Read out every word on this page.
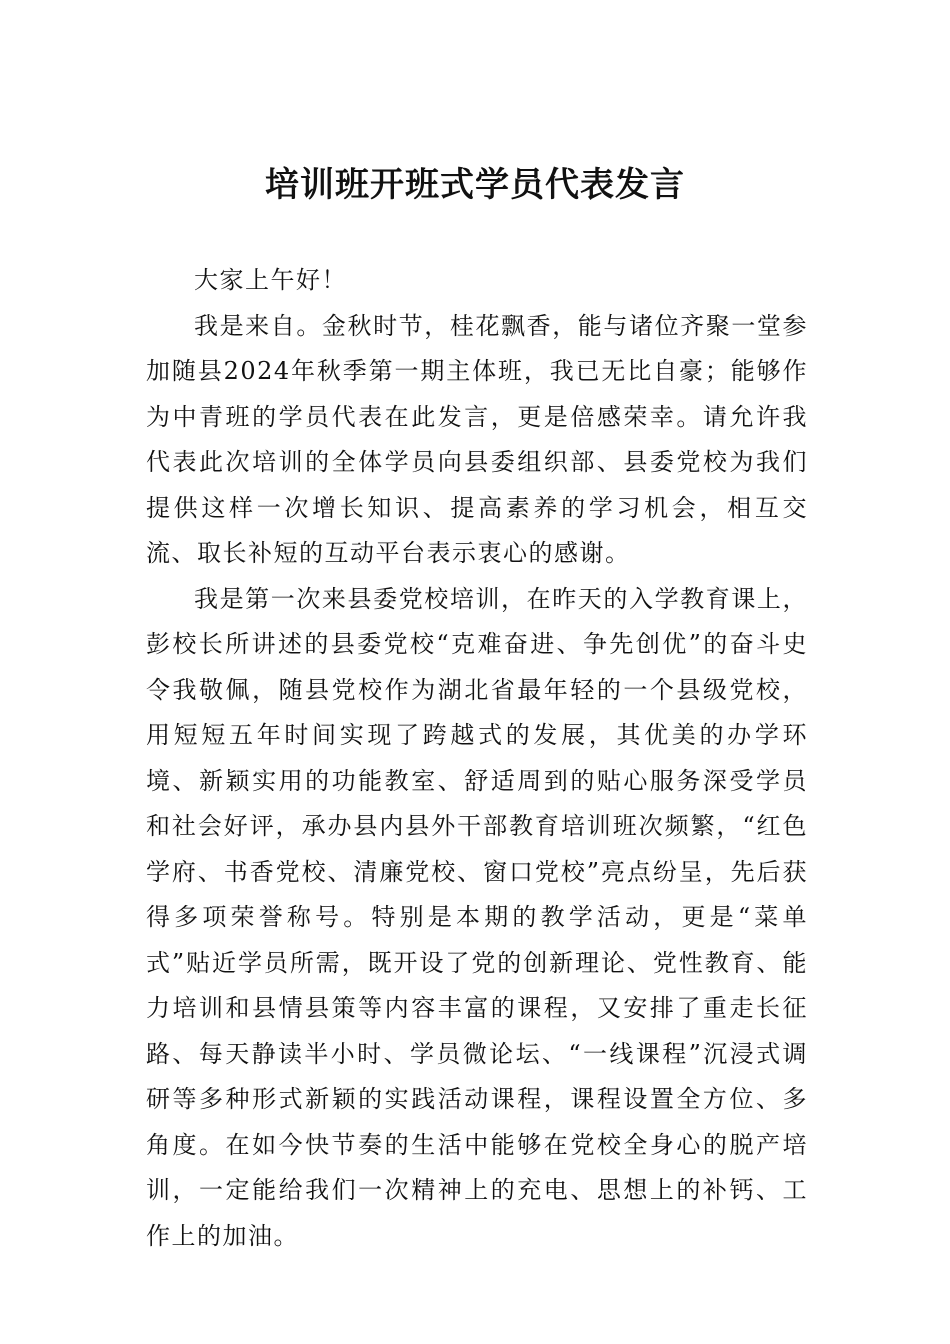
培训班开班式学员代表发言

大家上午好！

我是来自。金秋时节，桂花飘香，能与诸位齐聚一堂参加随县2024年秋季第一期主体班，我已无比自豪；能够作为中青班的学员代表在此发言，更是倍感荣幸。请允许我代表此次培训的全体学员向县委组织部、县委党校为我们提供这样一次增长知识、提高素养的学习机会，相互交流、取长补短的互动平台表示衷心的感谢。

我是第一次来县委党校培训，在昨天的入学教育课上，彭校长所讲述的县委党校“克难奋进、争先创优”的奋斗史令我敬佩，随县党校作为湖北省最年轻的一个县级党校，用短短五年时间实现了跨越式的发展，其优美的办学环境、新颖实用的功能教室、舒适周到的贴心服务深受学员和社会好评，承办县内县外干部教育培训班次频繁，“红色学府、书香党校、清廉党校、窗口党校”亮点纷呈，先后获得多项荣誉称号。特别是本期的教学活动，更是“菜单式”贴近学员所需，既开设了党的创新理论、党性教育、能力培训和县情县策等内容丰富的课程，又安排了重走长征路、每天静读半小时、学员微论坛、“一线课程”沉浸式调研等多种形式新颖的实践活动课程，课程设置全方位、多角度。在如今快节奏的生活中能够在党校全身心的脱产培训，一定能给我们一次精神上的充电、思想上的补钙、工作上的加油。
